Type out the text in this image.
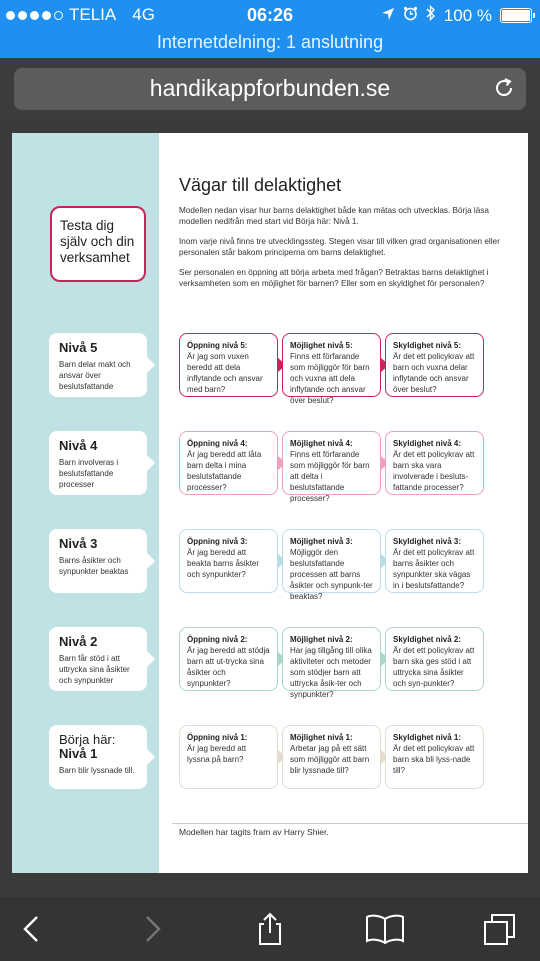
TELIA 4G	06:26	100 %
Internetdelning: 1 anslutning
handikappforbunden.se
Testa dig själv och din verksamhet
Vägar till delaktighet
Modellen nedan visar hur barns delaktighet både kan mätas och utvecklas. Börja läsa modellen nedifrån med start vid Börja här: Nivå 1.
Inom varje nivå finns tre utvecklingssteg. Stegen visar till vilken grad organisationen eller personalen står bakom principerna om barns delaktighet.
Ser personalen en öppning att börja arbeta med frågan? Betraktas barns delaktighet i verksamheten som en möjlighet för barnen? Eller som en skyldighet för personalen?
Nivå 5
Barn delar makt och ansvar över beslutsfattande
Öppning nivå 5:
Är jag som vuxen beredd att dela inflytande och ansvar med barn?
Möjlighet nivå 5:
Finns ett förfarande som möjliggör för barn och vuxna att dela inflytande och ansvar över beslut?
Skyldighet nivå 5:
Är det ett policykrav att barn och vuxna delar inflytande och ansvar över beslut?
Nivå 4
Barn involveras i beslutsfattande processer
Öppning nivå 4:
Är jag beredd att låta barn delta i mina beslutsfattande processer?
Möjlighet nivå 4:
Finns ett förfarande som möjliggör för barn att delta i beslutsfattande processer?
Skyldighet nivå 4:
Är det ett policykrav att barn ska vara involverade i besluts-fattande processer?
Nivå 3
Barns åsikter och synpunkter beaktas
Öppning nivå 3:
Är jag beredd att beakta barns åsikter och synpunkter?
Möjlighet nivå 3:
Möjliggör den beslutsfattande processen att barns åsikter och synpunk-ter beaktas?
Skyldighet nivå 3:
Är det ett policykrav att barns åsikter och synpunkter ska vägas in i beslutsfattande?
Nivå 2
Barn får stöd i att uttrycka sina åsikter och synpunkter
Öppning nivå 2:
Är jag beredd att stödja barn att ut-trycka sina åsikter och synpunkter?
Möjlighet nivå 2:
Har jag tillgång till olika aktiviteter och metoder som stödjer barn att uttrycka åsik-ter och synpunkter?
Skyldighet nivå 2:
Är det ett policykrav att barn ska ges stöd i att uttrycka sina åsikter och syn-punkter?
Börja här:
Nivå 1
Barn blir lyssnade till.
Öppning nivå 1:
Är jag beredd att lyssna på barn?
Möjlighet nivå 1:
Arbetar jag på ett sätt som möjliggör att barn blir lyssnade till?
Skyldighet nivå 1:
Är det ett policykrav att barn ska bli lyss-nade till?
Modellen har tagits fram av Harry Shier.
